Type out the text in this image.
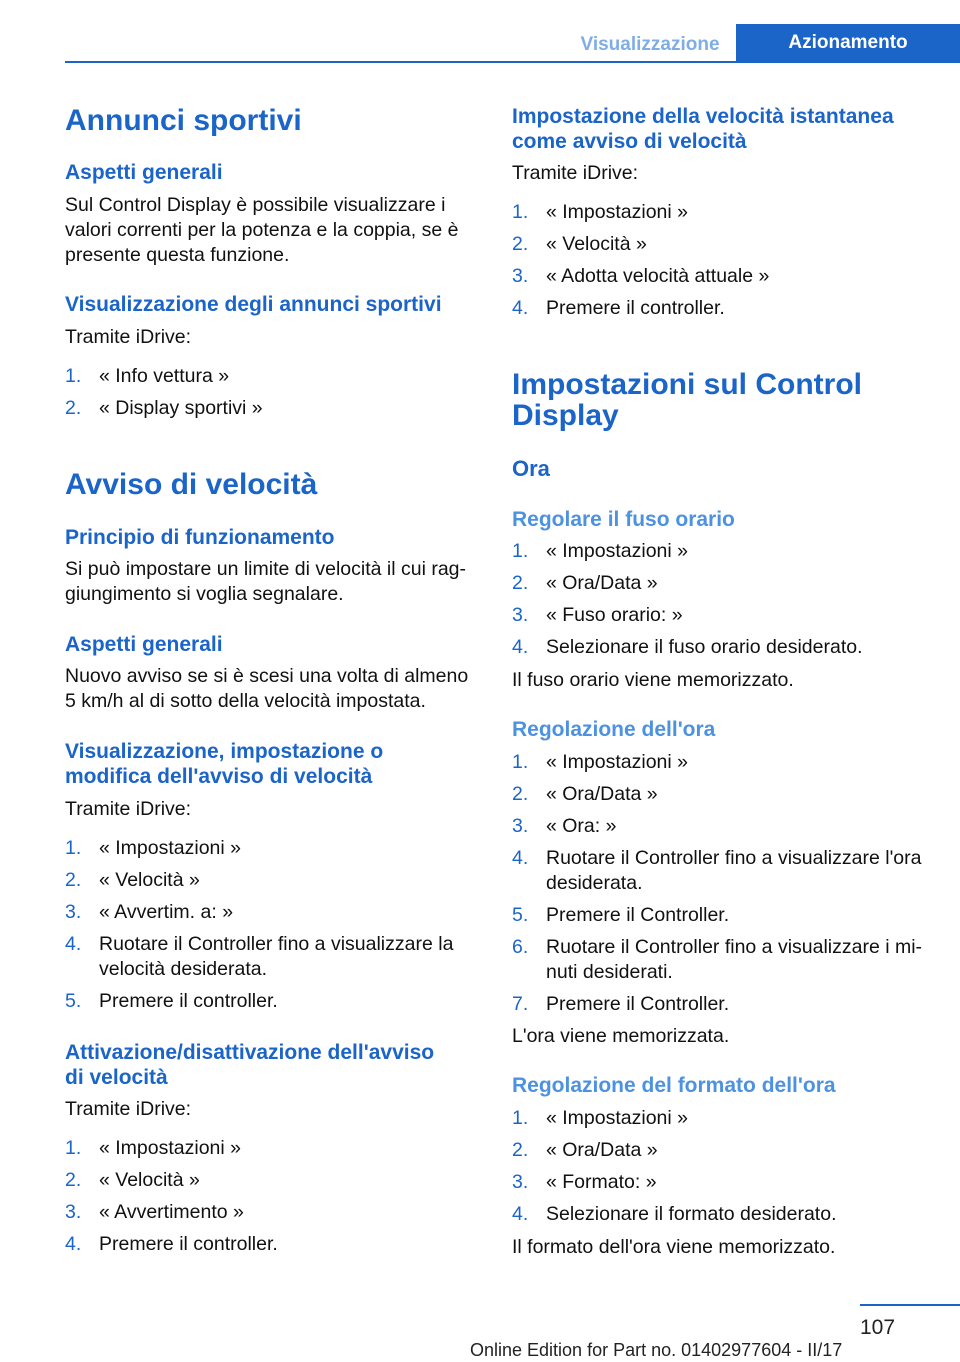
Visualizzazione	Azionamento
Annunci sportivi
Aspetti generali

Sul Control Display è possibile visualizzare i

valori correnti per la potenza e la coppia, se è

presente questa funzione.

Visualizzazione degli annunci sportivi

Tramite iDrive:

1. « Info vettura »
2. « Display sportivi »
Avviso di velocità
Principio di funzionamento

Si può impostare un limite di velocità il cui rag‐

giungimento si voglia segnalare.

Aspetti generali

Nuovo avviso se si è scesi una volta di almeno

5 km/h al di sotto della velocità impostata.

Visualizzazione, impostazione o
modifica dell'avviso di velocità

Tramite iDrive:

1. « Impostazioni »
2. « Velocità »
3. « Avvertim. a: »
4. Ruotare il Controller fino a visualizzare la
velocità desiderata.
5. Premere il controller.
Attivazione/disattivazione dell'avviso
di velocità

Tramite iDrive:

1. « Impostazioni »
2. « Velocità »
3. « Avvertimento »
4. Premere il controller.
Impostazione della velocità istantanea
come avviso di velocità

Tramite iDrive:

1. « Impostazioni »
2. « Velocità »
3. « Adotta velocità attuale »
4. Premere il controller.
Impostazioni sul Control
Display
Ora
Regolare il fuso orario
1. « Impostazioni »
2. « Ora/Data »
3. « Fuso orario: »
4. Selezionare il fuso orario desiderato.

Il fuso orario viene memorizzato.

Regolazione dell'ora
1. « Impostazioni »
2. « Ora/Data »
3. « Ora: »
4. Ruotare il Controller fino a visualizzare l'ora
desiderata.
5. Premere il Controller.
6. Ruotare il Controller fino a visualizzare i mi‐
nuti desiderati.
7. Premere il Controller.

L'ora viene memorizzata.

Regolazione del formato dell'ora
1. « Impostazioni »
2. « Ora/Data »
3. « Formato: »
4. Selezionare il formato desiderato.

Il formato dell'ora viene memorizzato.

107
Online Edition for Part no. 01402977604 - II/17
